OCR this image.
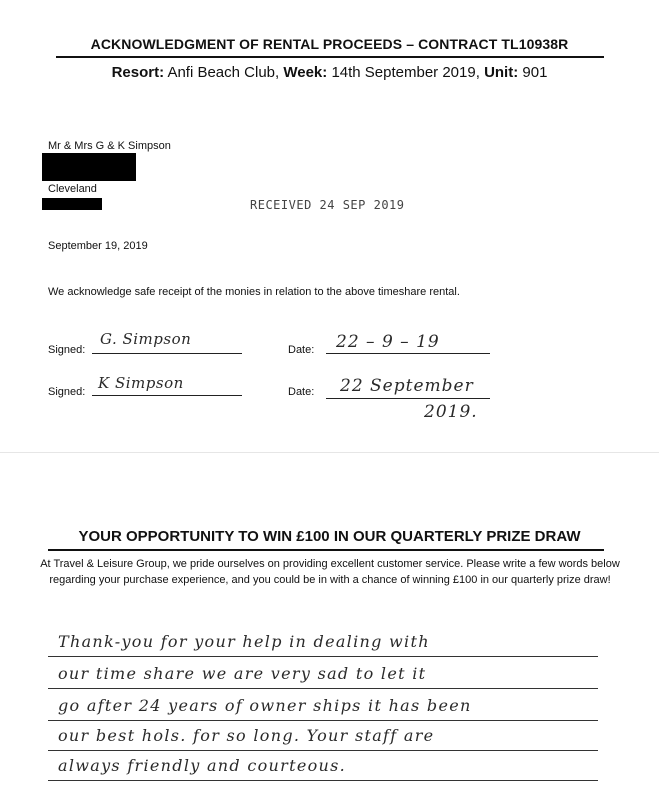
ACKNOWLEDGMENT OF RENTAL PROCEEDS – CONTRACT TL10938R
Resort: Anfi Beach Club, Week: 14th September 2019, Unit: 901
Mr & Mrs G & K Simpson
Cleveland
RECEIVED 24 SEP 2019
September 19, 2019
We acknowledge safe receipt of the monies in relation to the above timeshare rental.
Signed:
G. Simpson
Date: 22 – 9 – 19
Signed: K Simpson	Date: 22 September
2019.
YOUR OPPORTUNITY TO WIN £100 IN OUR QUARTERLY PRIZE DRAW
At Travel & Leisure Group, we pride ourselves on providing excellent customer service. Please write a few words below regarding your purchase experience, and you could be in with a chance of winning £100 in our quarterly prize draw!
Thank-you for your help in dealing with
our time share we are very sad to let it
go after 24 years of owner ships it has been
our best hols. for so long. Your staff are
always friendly and courteous.
